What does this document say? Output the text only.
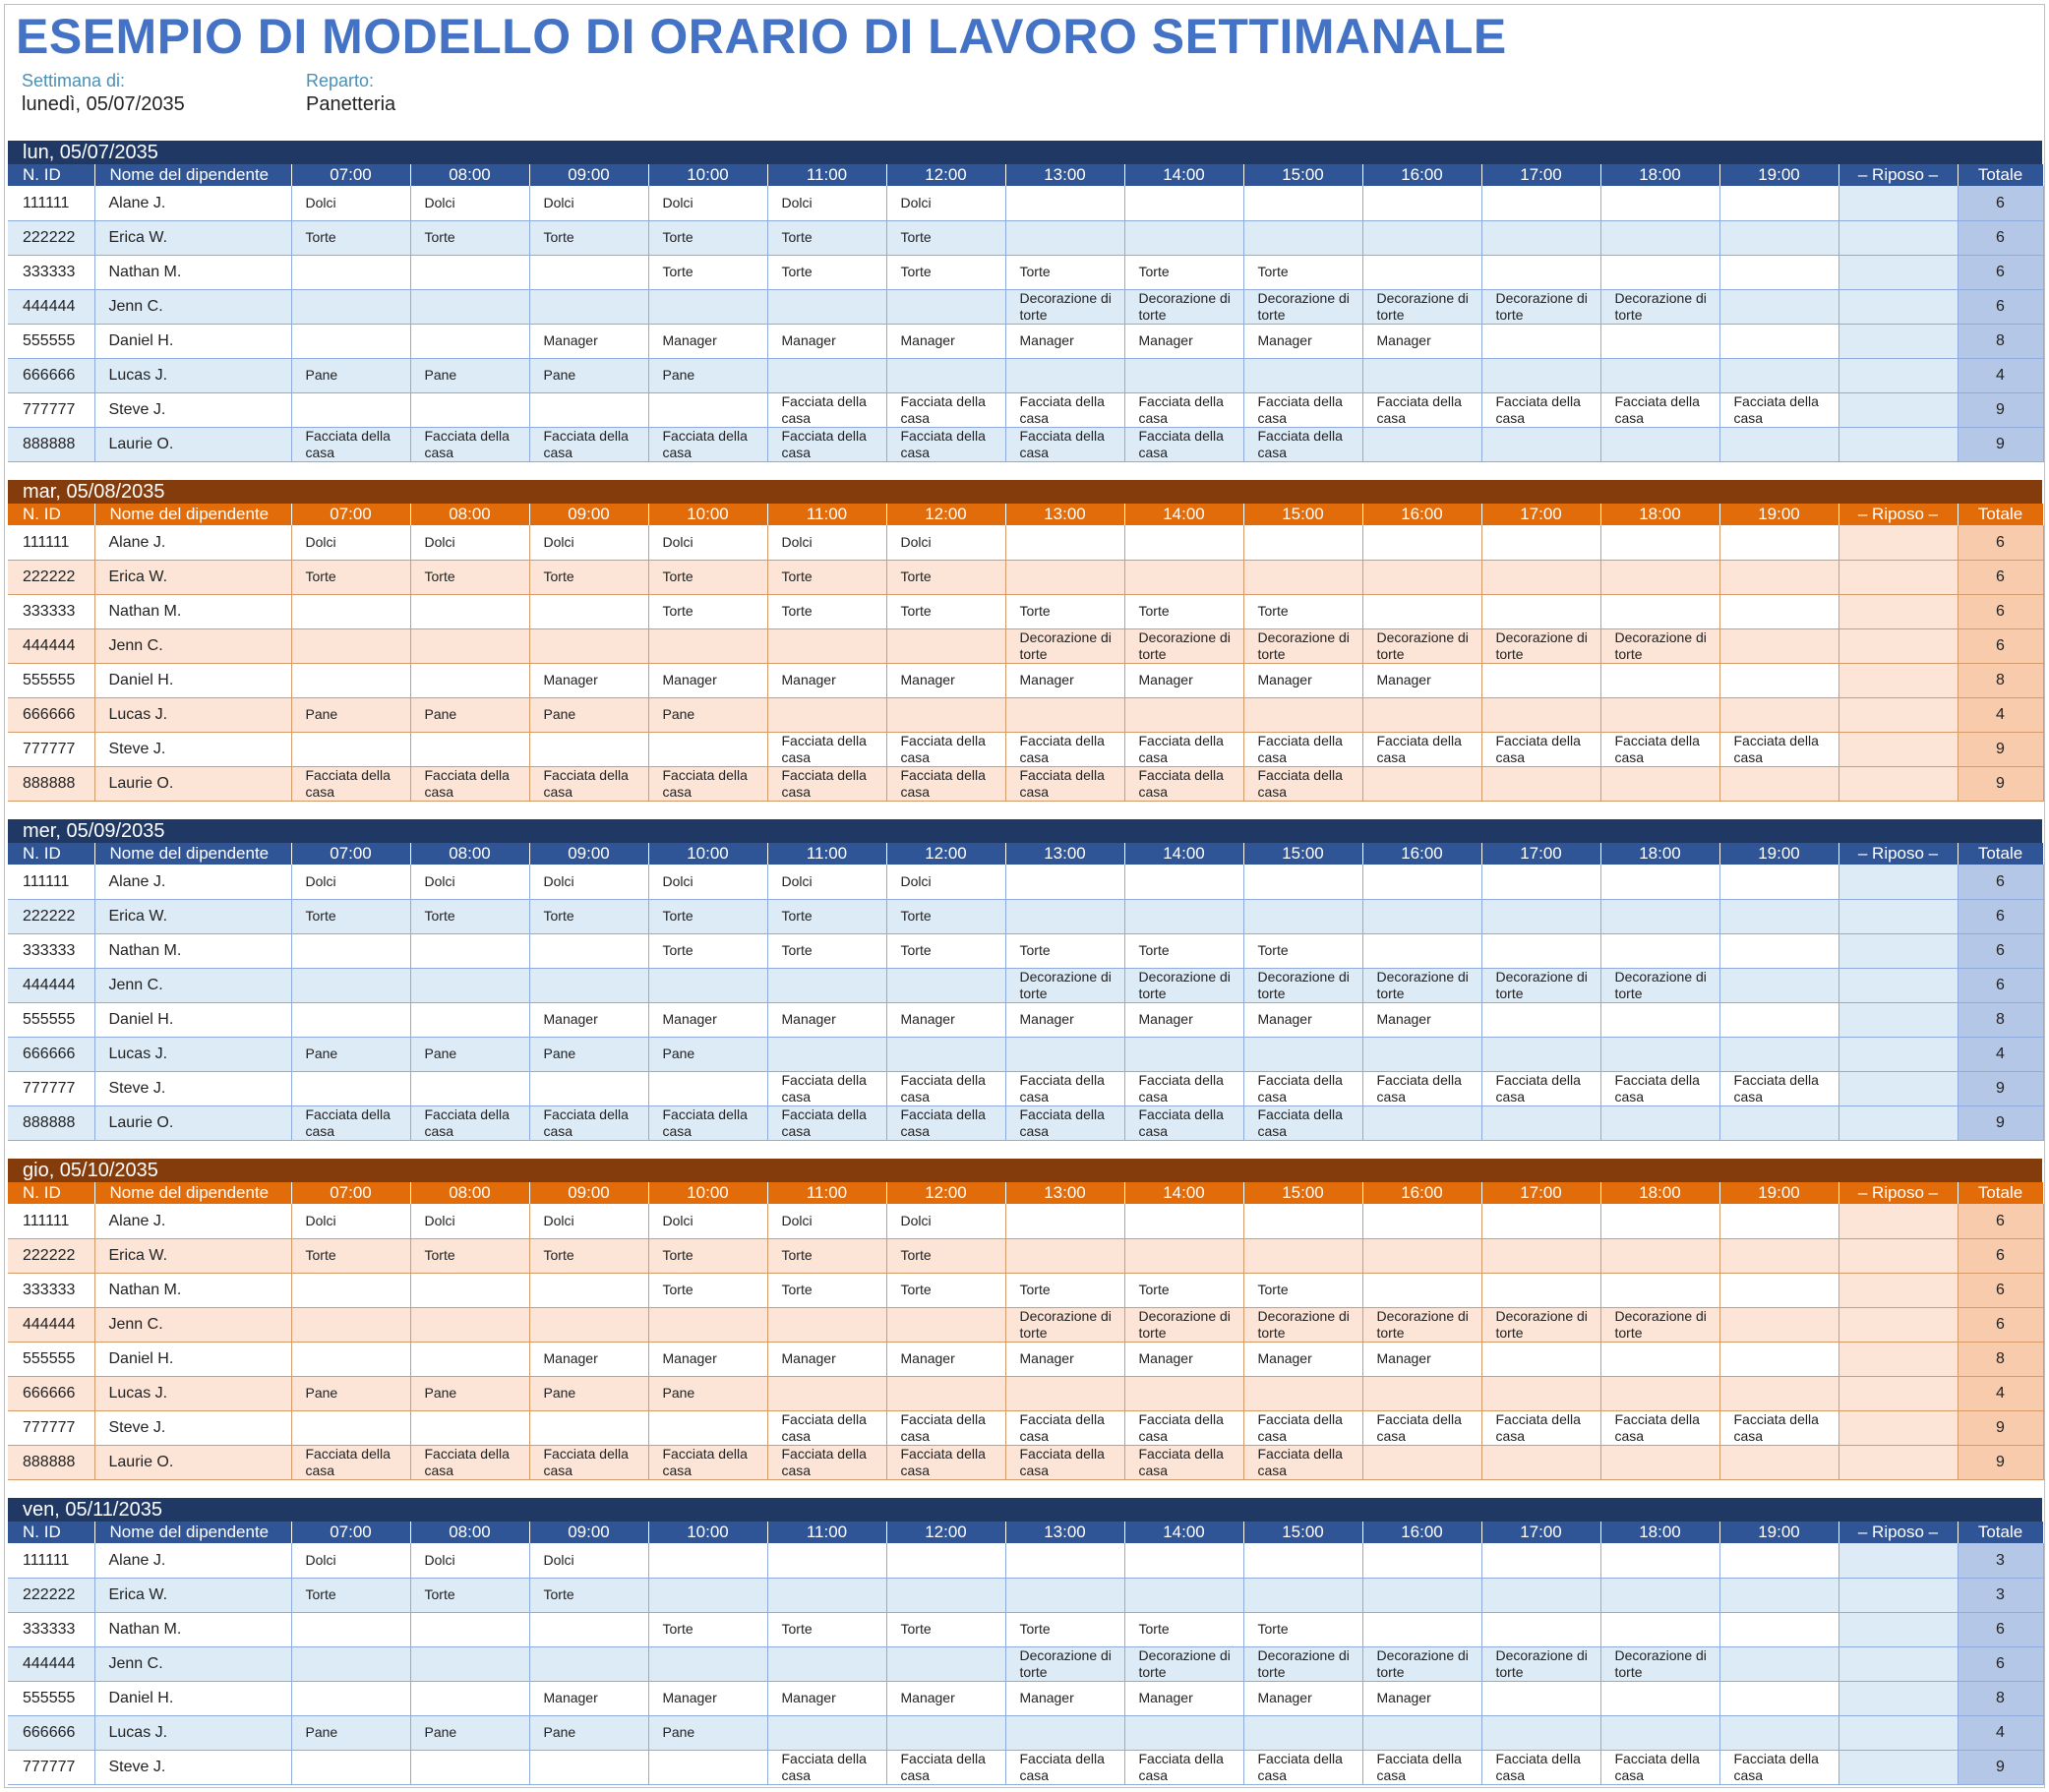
ESEMPIO DI MODELLO DI ORARIO DI LAVORO SETTIMANALE
Settimana di:
lunedì, 05/07/2035
Reparto:
Panetteria
lun, 05/07/2035
N. ID	Nome del dipendente	07:00	08:00	09:00	10:00	11:00	12:00	13:00	14:00	15:00	16:00	17:00	18:00	19:00	– Riposo –	Totale
111111	Alane J.	Dolci	Dolci	Dolci	Dolci	Dolci	Dolci									6
222222	Erica W.	Torte	Torte	Torte	Torte	Torte	Torte									6
333333	Nathan M.				Torte	Torte	Torte	Torte	Torte	Torte						6
444444	Jenn C.							Decorazione di torte	Decorazione di torte	Decorazione di torte	Decorazione di torte	Decorazione di torte	Decorazione di torte			6
555555	Daniel H.			Manager	Manager	Manager	Manager	Manager	Manager	Manager	Manager					8
666666	Lucas J.	Pane	Pane	Pane	Pane											4
777777	Steve J.					Facciata della casa	Facciata della casa	Facciata della casa	Facciata della casa	Facciata della casa	Facciata della casa	Facciata della casa	Facciata della casa	Facciata della casa		9
888888	Laurie O.	Facciata della casa	Facciata della casa	Facciata della casa	Facciata della casa	Facciata della casa	Facciata della casa	Facciata della casa	Facciata della casa	Facciata della casa						9
mar, 05/08/2035
N. ID	Nome del dipendente	07:00	08:00	09:00	10:00	11:00	12:00	13:00	14:00	15:00	16:00	17:00	18:00	19:00	– Riposo –	Totale
111111	Alane J.	Dolci	Dolci	Dolci	Dolci	Dolci	Dolci									6
222222	Erica W.	Torte	Torte	Torte	Torte	Torte	Torte									6
333333	Nathan M.				Torte	Torte	Torte	Torte	Torte	Torte						6
444444	Jenn C.							Decorazione di torte	Decorazione di torte	Decorazione di torte	Decorazione di torte	Decorazione di torte	Decorazione di torte			6
555555	Daniel H.			Manager	Manager	Manager	Manager	Manager	Manager	Manager	Manager					8
666666	Lucas J.	Pane	Pane	Pane	Pane											4
777777	Steve J.					Facciata della casa	Facciata della casa	Facciata della casa	Facciata della casa	Facciata della casa	Facciata della casa	Facciata della casa	Facciata della casa	Facciata della casa		9
888888	Laurie O.	Facciata della casa	Facciata della casa	Facciata della casa	Facciata della casa	Facciata della casa	Facciata della casa	Facciata della casa	Facciata della casa	Facciata della casa						9
mer, 05/09/2035
N. ID	Nome del dipendente	07:00	08:00	09:00	10:00	11:00	12:00	13:00	14:00	15:00	16:00	17:00	18:00	19:00	– Riposo –	Totale
111111	Alane J.	Dolci	Dolci	Dolci	Dolci	Dolci	Dolci									6
222222	Erica W.	Torte	Torte	Torte	Torte	Torte	Torte									6
333333	Nathan M.				Torte	Torte	Torte	Torte	Torte	Torte						6
444444	Jenn C.							Decorazione di torte	Decorazione di torte	Decorazione di torte	Decorazione di torte	Decorazione di torte	Decorazione di torte			6
555555	Daniel H.			Manager	Manager	Manager	Manager	Manager	Manager	Manager	Manager					8
666666	Lucas J.	Pane	Pane	Pane	Pane											4
777777	Steve J.					Facciata della casa	Facciata della casa	Facciata della casa	Facciata della casa	Facciata della casa	Facciata della casa	Facciata della casa	Facciata della casa	Facciata della casa		9
888888	Laurie O.	Facciata della casa	Facciata della casa	Facciata della casa	Facciata della casa	Facciata della casa	Facciata della casa	Facciata della casa	Facciata della casa	Facciata della casa						9
gio, 05/10/2035
N. ID	Nome del dipendente	07:00	08:00	09:00	10:00	11:00	12:00	13:00	14:00	15:00	16:00	17:00	18:00	19:00	– Riposo –	Totale
111111	Alane J.	Dolci	Dolci	Dolci	Dolci	Dolci	Dolci									6
222222	Erica W.	Torte	Torte	Torte	Torte	Torte	Torte									6
333333	Nathan M.				Torte	Torte	Torte	Torte	Torte	Torte						6
444444	Jenn C.							Decorazione di torte	Decorazione di torte	Decorazione di torte	Decorazione di torte	Decorazione di torte	Decorazione di torte			6
555555	Daniel H.			Manager	Manager	Manager	Manager	Manager	Manager	Manager	Manager					8
666666	Lucas J.	Pane	Pane	Pane	Pane											4
777777	Steve J.					Facciata della casa	Facciata della casa	Facciata della casa	Facciata della casa	Facciata della casa	Facciata della casa	Facciata della casa	Facciata della casa	Facciata della casa		9
888888	Laurie O.	Facciata della casa	Facciata della casa	Facciata della casa	Facciata della casa	Facciata della casa	Facciata della casa	Facciata della casa	Facciata della casa	Facciata della casa						9
ven, 05/11/2035
N. ID	Nome del dipendente	07:00	08:00	09:00	10:00	11:00	12:00	13:00	14:00	15:00	16:00	17:00	18:00	19:00	– Riposo –	Totale
111111	Alane J.	Dolci	Dolci	Dolci												3
222222	Erica W.	Torte	Torte	Torte												3
333333	Nathan M.				Torte	Torte	Torte	Torte	Torte	Torte						6
444444	Jenn C.							Decorazione di torte	Decorazione di torte	Decorazione di torte	Decorazione di torte	Decorazione di torte	Decorazione di torte			6
555555	Daniel H.			Manager	Manager	Manager	Manager	Manager	Manager	Manager	Manager					8
666666	Lucas J.	Pane	Pane	Pane	Pane											4
777777	Steve J.					Facciata della casa	Facciata della casa	Facciata della casa	Facciata della casa	Facciata della casa	Facciata della casa	Facciata della casa	Facciata della casa	Facciata della casa		9
